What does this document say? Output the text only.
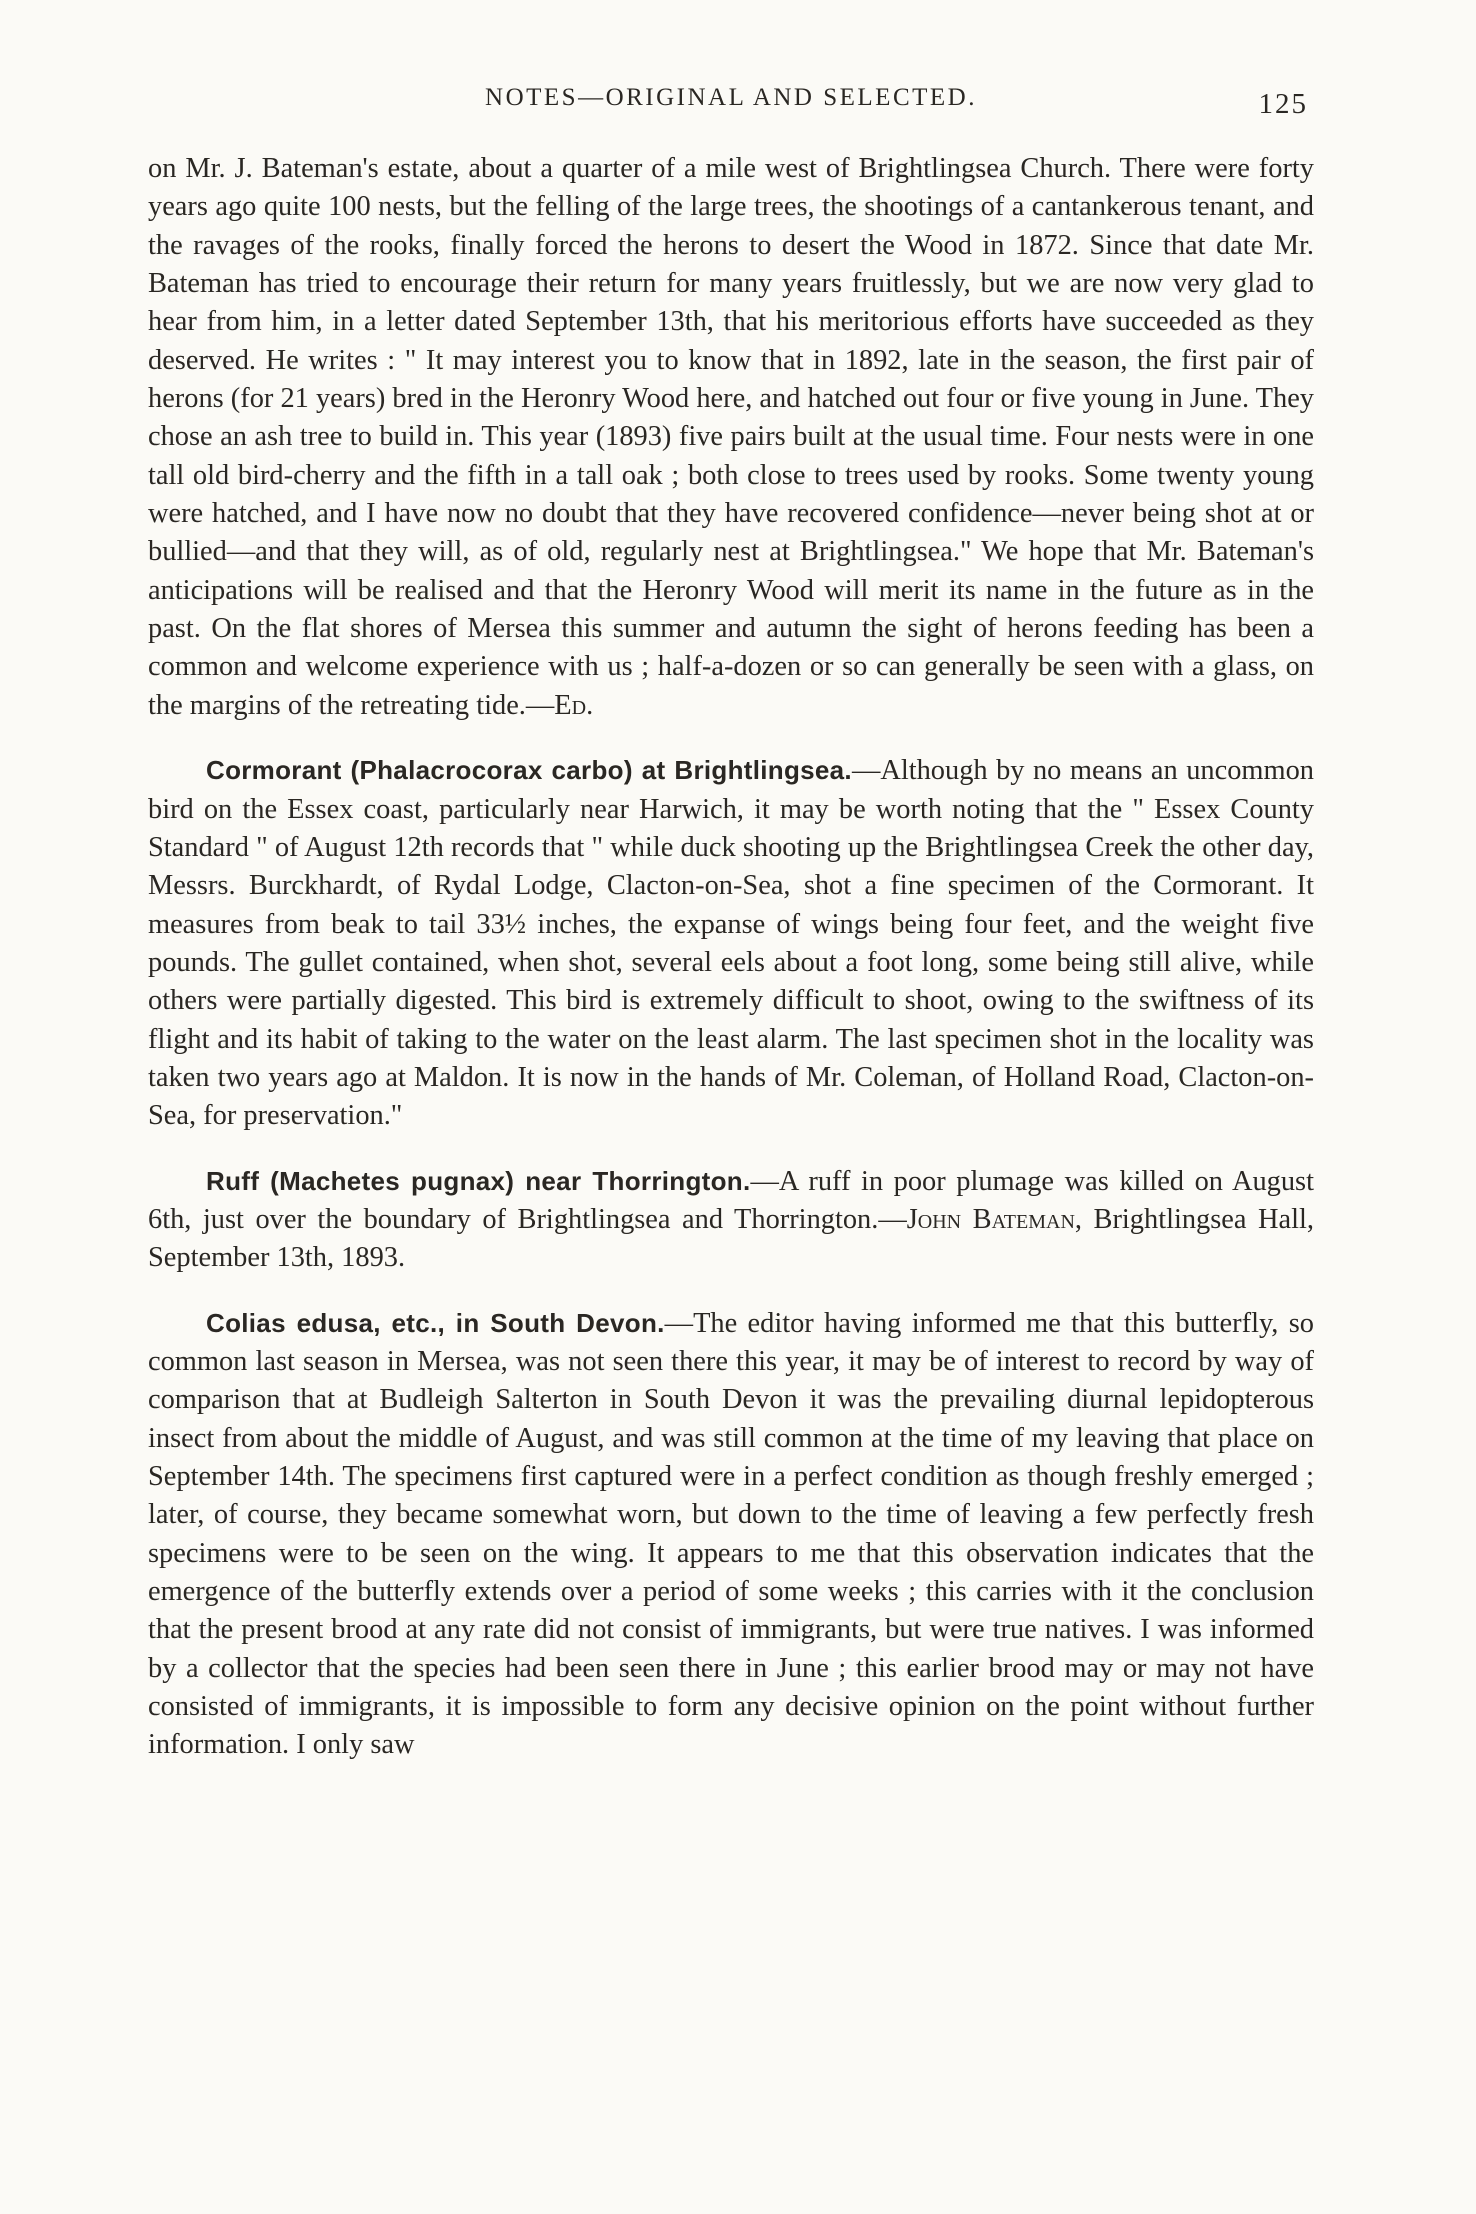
NOTES—ORIGINAL AND SELECTED.	125

on Mr. J. Bateman's estate, about a quarter of a mile west of Brightlingsea Church. There were forty years ago quite 100 nests, but the felling of the large trees, the shootings of a cantankerous tenant, and the ravages of the rooks, finally forced the herons to desert the Wood in 1872. Since that date Mr. Bateman has tried to encourage their return for many years fruitlessly, but we are now very glad to hear from him, in a letter dated September 13th, that his meritorious efforts have succeeded as they deserved. He writes : " It may interest you to know that in 1892, late in the season, the first pair of herons (for 21 years) bred in the Heronry Wood here, and hatched out four or five young in June. They chose an ash tree to build in. This year (1893) five pairs built at the usual time. Four nests were in one tall old bird-cherry and the fifth in a tall oak ; both close to trees used by rooks. Some twenty young were hatched, and I have now no doubt that they have recovered confidence—never being shot at or bullied—and that they will, as of old, regularly nest at Brightlingsea." We hope that Mr. Bateman's anticipations will be realised and that the Heronry Wood will merit its name in the future as in the past. On the flat shores of Mersea this summer and autumn the sight of herons feeding has been a common and welcome experience with us ; half-a-dozen or so can generally be seen with a glass, on the margins of the retreating tide.—Ed.

Cormorant (Phalacrocorax carbo) at Brightlingsea.—Although by no means an uncommon bird on the Essex coast, particularly near Harwich, it may be worth noting that the " Essex County Standard " of August 12th records that " while duck shooting up the Brightlingsea Creek the other day, Messrs. Burckhardt, of Rydal Lodge, Clacton-on-Sea, shot a fine specimen of the Cormorant. It measures from beak to tail 33½ inches, the expanse of wings being four feet, and the weight five pounds. The gullet contained, when shot, several eels about a foot long, some being still alive, while others were partially digested. This bird is extremely difficult to shoot, owing to the swiftness of its flight and its habit of taking to the water on the least alarm. The last specimen shot in the locality was taken two years ago at Maldon. It is now in the hands of Mr. Coleman, of Holland Road, Clacton-on-Sea, for preservation."

Ruff (Machetes pugnax) near Thorrington.—A ruff in poor plumage was killed on August 6th, just over the boundary of Brightlingsea and Thorrington.—John Bateman, Brightlingsea Hall, September 13th, 1893.

Colias edusa, etc., in South Devon.—The editor having informed me that this butterfly, so common last season in Mersea, was not seen there this year, it may be of interest to record by way of comparison that at Budleigh Salterton in South Devon it was the prevailing diurnal lepidopterous insect from about the middle of August, and was still common at the time of my leaving that place on September 14th. The specimens first captured were in a perfect condition as though freshly emerged ; later, of course, they became somewhat worn, but down to the time of leaving a few perfectly fresh specimens were to be seen on the wing. It appears to me that this observation indicates that the emergence of the butterfly extends over a period of some weeks ; this carries with it the conclusion that the present brood at any rate did not consist of immigrants, but were true natives. I was informed by a collector that the species had been seen there in June ; this earlier brood may or may not have consisted of immigrants, it is impossible to form any decisive opinion on the point without further information. I only saw
